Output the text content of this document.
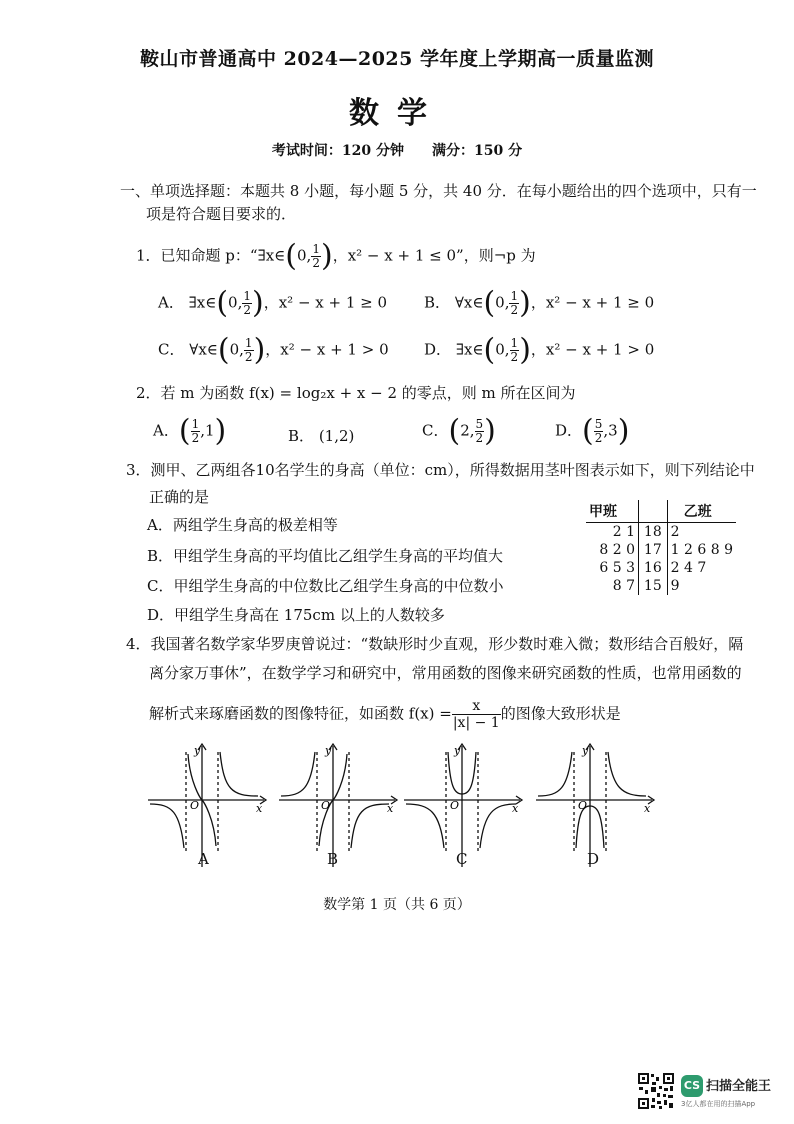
鞍山市普通高中 2024—2025 学年度上学期高一质量监测
数学
考试时间：120 分钟　　满分：150 分
一、单项选择题：本题共 8 小题，每小题 5 分，共 40 分．在每小题给出的四个选项中，只有一
项是符合题目要求的．
1．已知命题 p：“∃x∈(0, $\frac{1}{2}$ )，x² − x + 1 ≤ 0”，则¬p 为
A． ∃x∈(0, $\frac{1}{2}$ )，x² − x + 1 ≥ 0 B． ∀x∈(0, $\frac{1}{2}$ )，x² − x + 1 ≥ 0
C． ∀x∈(0, $\frac{1}{2}$ )，x² − x + 1 > 0 D． ∃x∈(0, $\frac{1}{2}$ )，x² − x + 1 > 0
2．若 m 为函数 f(x) = log₂x + x − 2 的零点，则 m 所在区间为
A．( $\frac{1}{2} ,1$)	B． (1,2)	C．(2, $\frac{5}{2}$ )	D．( $\frac{5}{2} ,3$)
3．测甲、乙两组各10名学生的身高（单位：cm），所得数据用茎叶图表示如下，则下列结论中
正确的是
A．两组学生身高的极差相等
B．甲组学生身高的平均值比乙组学生身高的平均值大
C．甲组学生身高的中位数比乙组学生身高的中位数小
D．甲组学生身高在 175cm 以上的人数较多
甲班		乙班
2 1	18	2
8 2 0	17	1 2 6 8 9
6 5 3	16	2 4 7
8 7	15	9
4．我国著名数学家华罗庚曾说过：“数缺形时少直观，形少数时难入微；数形结合百般好，隔
离分家万事休”，在数学学习和研究中，常用函数的图像来研究函数的性质，也常用函数的
解析式来琢磨函数的图像特征，如函数 $f(x) = \frac{x}{|x| - 1}$ 的图像大致形状是
O	x
y
O	x
y
O	x
y
O	x
y
A	B	C	D
数学第 1 页（共 6 页）
CS 扫描全能王
3亿人都在用的扫描App
